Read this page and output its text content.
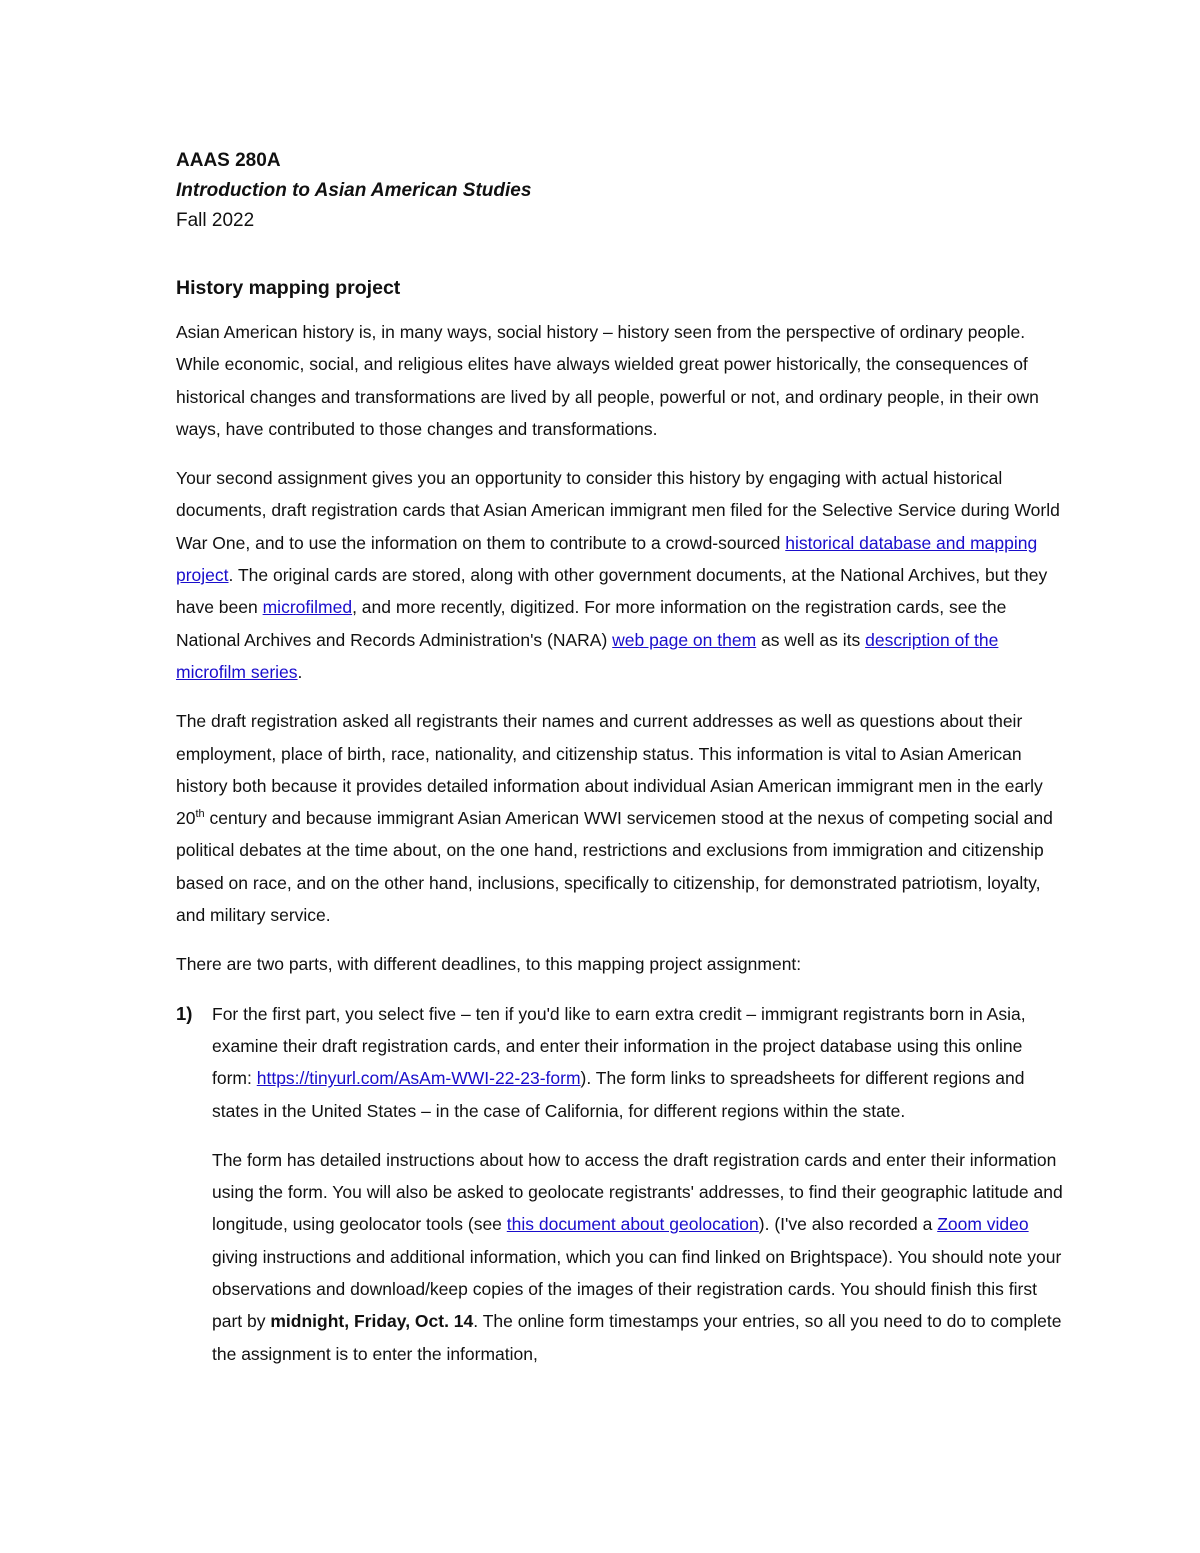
AAAS 280A

Introduction to Asian American Studies

Fall 2022

History mapping project

Asian American history is, in many ways, social history – history seen from the perspective of ordinary people. While economic, social, and religious elites have always wielded great power historically, the consequences of historical changes and transformations are lived by all people, powerful or not, and ordinary people, in their own ways, have contributed to those changes and transformations.

Your second assignment gives you an opportunity to consider this history by engaging with actual historical documents, draft registration cards that Asian American immigrant men filed for the Selective Service during World War One, and to use the information on them to contribute to a crowd-sourced historical database and mapping project. The original cards are stored, along with other government documents, at the National Archives, but they have been microfilmed, and more recently, digitized. For more information on the registration cards, see the National Archives and Records Administration's (NARA) web page on them as well as its description of the microfilm series.

The draft registration asked all registrants their names and current addresses as well as questions about their employment, place of birth, race, nationality, and citizenship status. This information is vital to Asian American history both because it provides detailed information about individual Asian American immigrant men in the early 20th century and because immigrant Asian American WWI servicemen stood at the nexus of competing social and political debates at the time about, on the one hand, restrictions and exclusions from immigration and citizenship based on race, and on the other hand, inclusions, specifically to citizenship, for demonstrated patriotism, loyalty, and military service.

There are two parts, with different deadlines, to this mapping project assignment:

1)	For the first part, you select five – ten if you'd like to earn extra credit – immigrant registrants born in Asia, examine their draft registration cards, and enter their information in the project database using this online form: https://tinyurl.com/AsAm-WWI-22-23-form). The form links to spreadsheets for different regions and states in the United States – in the case of California, for different regions within the state.

The form has detailed instructions about how to access the draft registration cards and enter their information using the form. You will also be asked to geolocate registrants' addresses, to find their geographic latitude and longitude, using geolocator tools (see this document about geolocation). (I've also recorded a Zoom video giving instructions and additional information, which you can find linked on Brightspace). You should note your observations and download/keep copies of the images of their registration cards. You should finish this first part by midnight, Friday, Oct. 14. The online form timestamps your entries, so all you need to do to complete the assignment is to enter the information,
